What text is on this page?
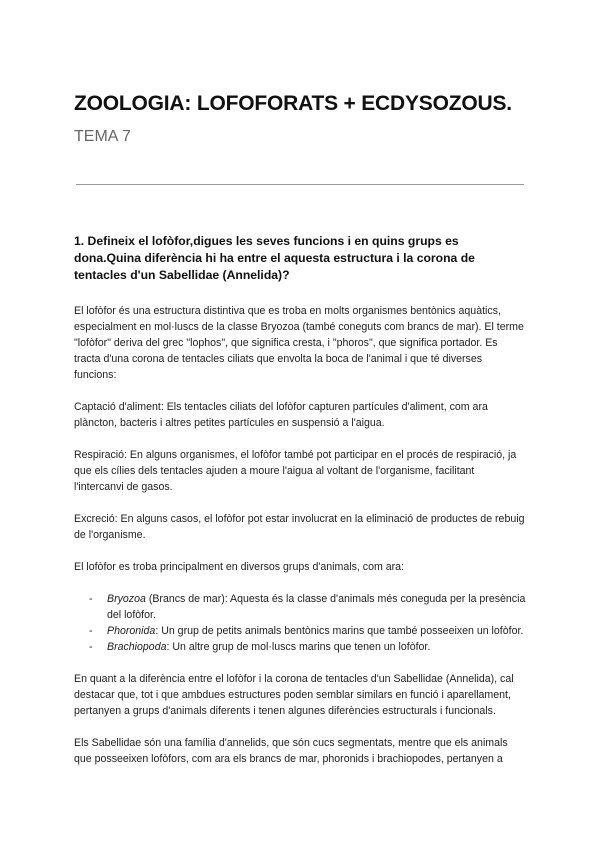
ZOOLOGIA: LOFOFORATS + ECDYSOZOUS.
TEMA 7

1. Defineix el lofòfor,digues les seves funcions i en quins grups es dona.Quina diferència hi ha entre el aquesta estructura i la corona de tentacles d'un Sabellidae (Annelida)?

El lofòfor és una estructura distintiva que es troba en molts organismes bentònics aquàtics, especialment en mol·luscs de la classe Bryozoa (també coneguts com brancs de mar). El terme "lofòfor" deriva del grec "lophos", que significa cresta, i "phoros", que significa portador. Es tracta d'una corona de tentacles ciliats que envolta la boca de l'animal i que té diverses funcions:

Captació d'aliment: Els tentacles ciliats del lofòfor capturen partícules d'aliment, com ara plàncton, bacteris i altres petites partícules en suspensió a l'aigua.

Respiració: En alguns organismes, el lofòfor també pot participar en el procés de respiració, ja que els cílies dels tentacles ajuden a moure l'aigua al voltant de l'organisme, facilitant l'intercanvi de gasos.

Excreció: En alguns casos, el lofòfor pot estar involucrat en la eliminació de productes de rebuig de l'organisme.

El lofòfor es troba principalment en diversos grups d'animals, com ara:

- Bryozoa (Brancs de mar): Aquesta és la classe d'animals més coneguda per la presència del lofòfor.
- Phoronida: Un grup de petits animals bentònics marins que també posseeixen un lofòfor.
- Brachiopoda: Un altre grup de mol·luscs marins que tenen un lofòfor.

En quant a la diferència entre el lofòfor i la corona de tentacles d'un Sabellidae (Annelida), cal destacar que, tot i que ambdues estructures poden semblar similars en funció i aparellament, pertanyen a grups d'animals diferents i tenen algunes diferències estructurals i funcionals.

Els Sabellidae són una família d'annelids, que són cucs segmentats, mentre que els animals que posseeixen lofòfors, com ara els brancs de mar, phoronids i brachiopodes, pertanyen a
